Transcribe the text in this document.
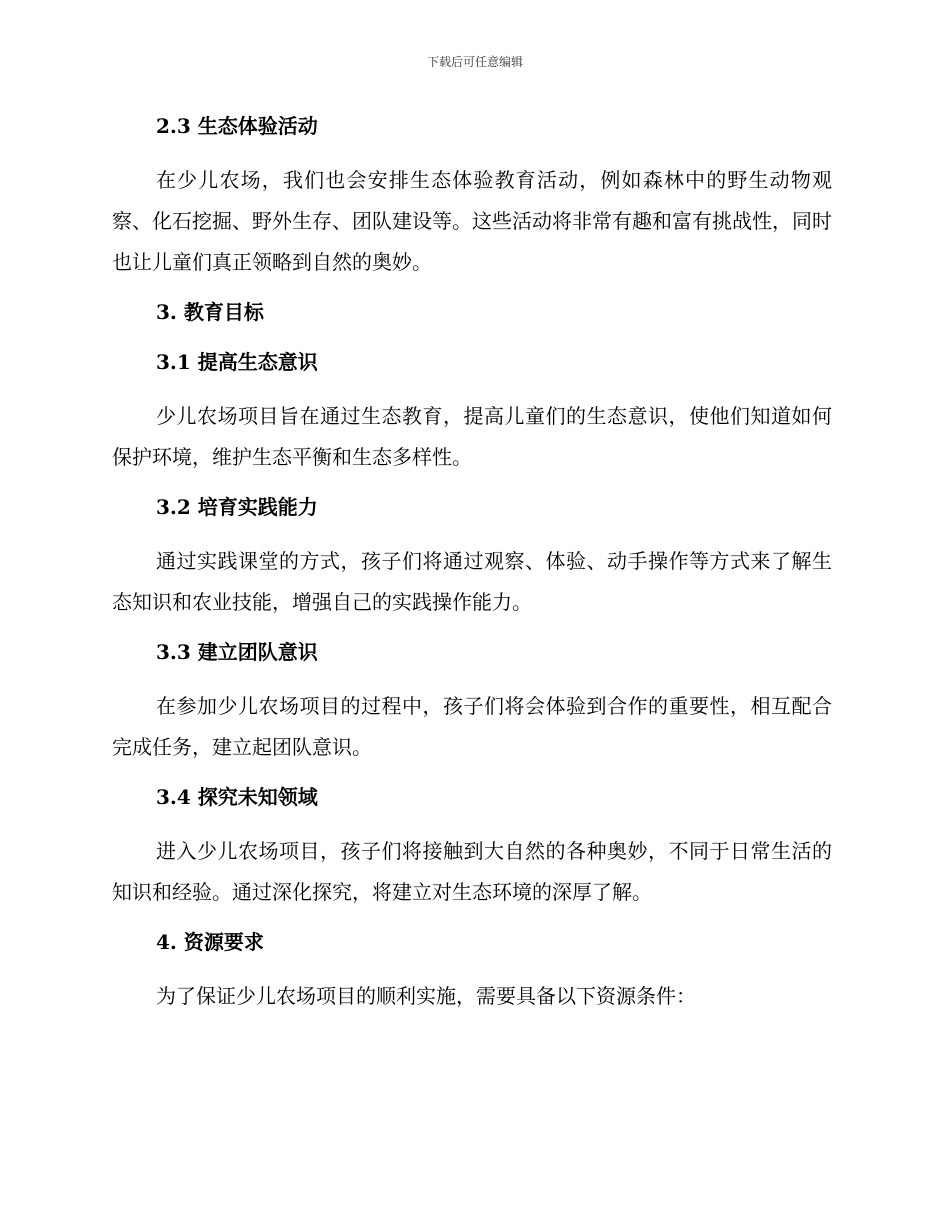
下载后可任意编辑
2.3 生态体验活动

在少儿农场，我们也会安排生态体验教育活动，例如森林中的野生动物观察、化石挖掘、野外生存、团队建设等。这些活动将非常有趣和富有挑战性，同时也让儿童们真正领略到自然的奥妙。

3. 教育目标
3.1 提高生态意识

少儿农场项目旨在通过生态教育，提高儿童们的生态意识，使他们知道如何保护环境，维护生态平衡和生态多样性。

3.2 培育实践能力

通过实践课堂的方式，孩子们将通过观察、体验、动手操作等方式来了解生态知识和农业技能，增强自己的实践操作能力。

3.3 建立团队意识

在参加少儿农场项目的过程中，孩子们将会体验到合作的重要性，相互配合完成任务，建立起团队意识。

3.4 探究未知领域

进入少儿农场项目，孩子们将接触到大自然的各种奥妙，不同于日常生活的知识和经验。通过深化探究，将建立对生态环境的深厚了解。

4. 资源要求

为了保证少儿农场项目的顺利实施，需要具备以下资源条件：
